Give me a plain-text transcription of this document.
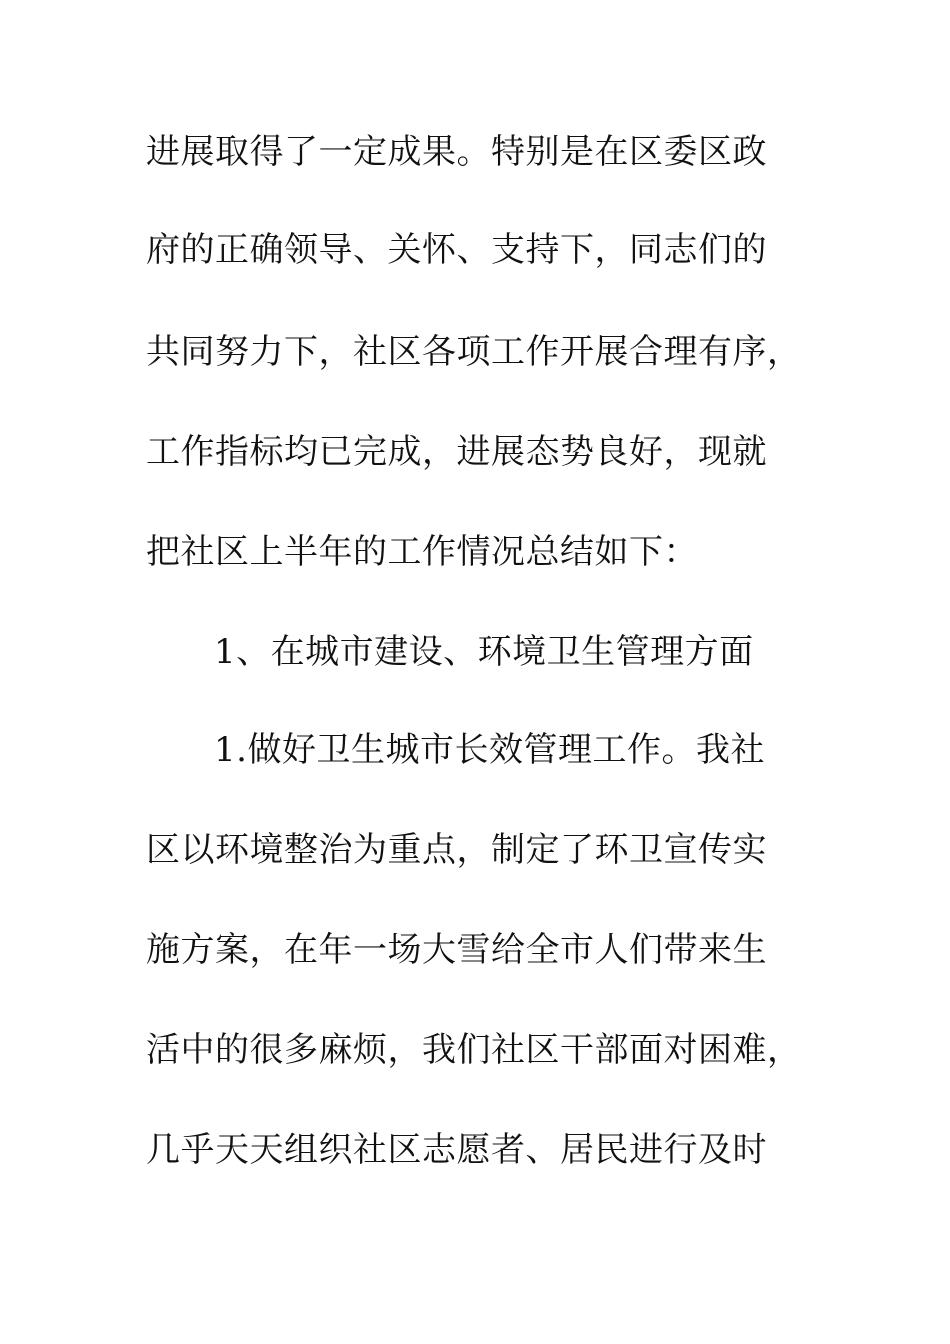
进展取得了一定成果。特别是在区委区政
府的正确领导、关怀、支持下，同志们的
共同努力下，社区各项工作开展合理有序，
工作指标均已完成，进展态势良好，现就
把社区上半年的工作情况总结如下：
1、在城市建设、环境卫生管理方面
1.做好卫生城市长效管理工作。我社
区以环境整治为重点，制定了环卫宣传实
施方案，在年一场大雪给全市人们带来生
活中的很多麻烦，我们社区干部面对困难，
几乎天天组织社区志愿者、居民进行及时
